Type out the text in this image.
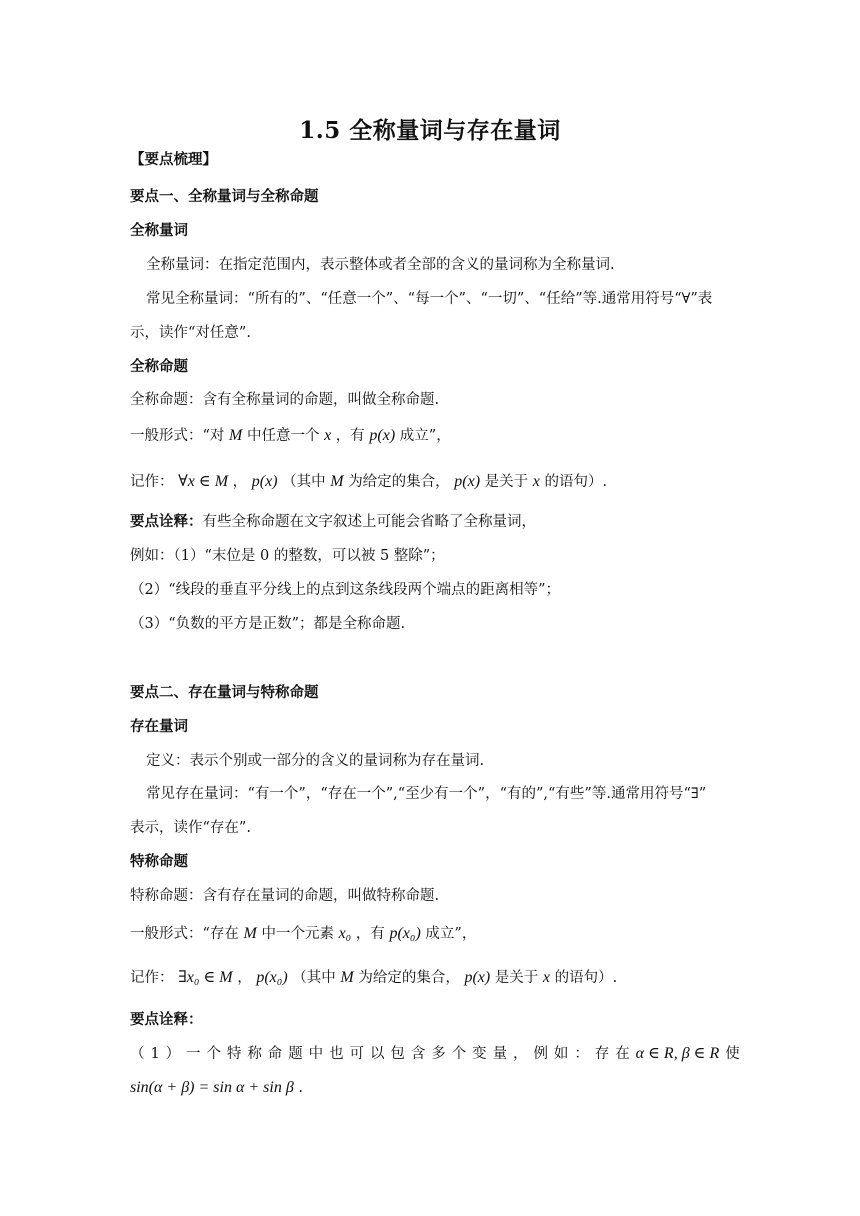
1.5 全称量词与存在量词
【要点梳理】
要点一、全称量词与全称命题
全称量词
全称量词：在指定范围内，表示整体或者全部的含义的量词称为全称量词.
常见全称量词：“所有的”、“任意一个”、“每一个”、“一切”、“任给”等.通常用符号“∀”表
示，读作“对任意”.
全称命题
全称命题：含有全称量词的命题，叫做全称命题.
一般形式：“对 M 中任意一个 x ，有 p(x) 成立”，
记作： ∀x ∈ M ， p(x) （其中 M 为给定的集合， p(x) 是关于 x 的语句）.
要点诠释：有些全称命题在文字叙述上可能会省略了全称量词，
例如：（1）“末位是 0 的整数，可以被 5 整除”；
（2）“线段的垂直平分线上的点到这条线段两个端点的距离相等”；
（3）“负数的平方是正数”；都是全称命题.
要点二、存在量词与特称命题
存在量词
定义：表示个别或一部分的含义的量词称为存在量词.
常见存在量词：“有一个”，“存在一个”,“至少有一个”，“有的”,“有些”等.通常用符号“∃”
表示，读作“存在”.
特称命题
特称命题：含有存在量词的命题，叫做特称命题.
一般形式：“存在 M 中一个元素 x₀ ，有 p(x₀) 成立”，
记作： ∃x₀ ∈ M ， p(x₀) （其中 M 为给定的集合， p(x) 是关于 x 的语句）.
要点诠释：
（ 1 ） 一 个 特 称 命 题 中 也 可 以 包 含 多 个 变 量 ， 例 如 ： 存 在 α ∈ R, β ∈ R 使
sin(α + β) = sin α + sin β .
